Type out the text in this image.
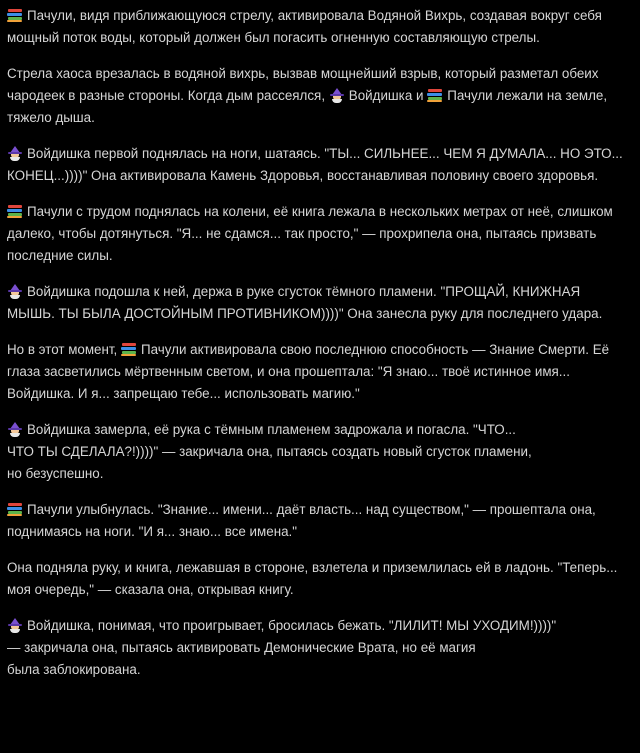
Пачули, видя приближающуюся стрелу, активировала Водяной Вихрь, создавая вокруг себя мощный поток воды, который должен был погасить огненную составляющую стрелы.

Стрела хаоса врезалась в водяной вихрь, вызвав мощнейший взрыв, который разметал обеих чародеек в разные стороны. Когда дым рассеялся, Войдишка и Пачули лежали на земле, тяжело дыша.

Войдишка первой поднялась на ноги, шатаясь. "ТЫ... СИЛЬНЕЕ... ЧЕМ Я ДУМАЛА... НО ЭТО... КОНЕЦ...))))" Она активировала Камень Здоровья, восстанавливая половину своего здоровья.

Пачули с трудом поднялась на колени, её книга лежала в нескольких метрах от неё, слишком далеко, чтобы дотянуться. "Я... не сдамся... так просто," — прохрипела она, пытаясь призвать последние силы.

Войдишка подошла к ней, держа в руке сгусток тёмного пламени. "ПРОЩАЙ, КНИЖНАЯ МЫШЬ. ТЫ БЫЛА ДОСТОЙНЫМ ПРОТИВНИКОМ))))" Она занесла руку для последнего удара.

Но в этот момент, Пачули активировала свою последнюю способность — Знание Смерти. Её глаза засветились мёртвенным светом, и она прошептала: "Я знаю... твоё истинное имя... Войдишка. И я... запрещаю тебе... использовать магию."

Войдишка замерла, её рука с тёмным пламенем задрожала и погасла. "ЧТО...
ЧТО ТЫ СДЕЛАЛА?!))))" — закричала она, пытаясь создать новый сгусток пламени,
но безуспешно.

Пачули улыбнулась. "Знание... имени... даёт власть... над существом," — прошептала она, поднимаясь на ноги. "И я... знаю... все имена."

Она подняла руку, и книга, лежавшая в стороне, взлетела и приземлилась ей в ладонь. "Теперь... моя очередь," — сказала она, открывая книгу.

Войдишка, понимая, что проигрывает, бросилась бежать. "ЛИЛИТ! МЫ УХОДИМ!))))"
— закричала она, пытаясь активировать Демонические Врата, но её магия
была заблокирована.
